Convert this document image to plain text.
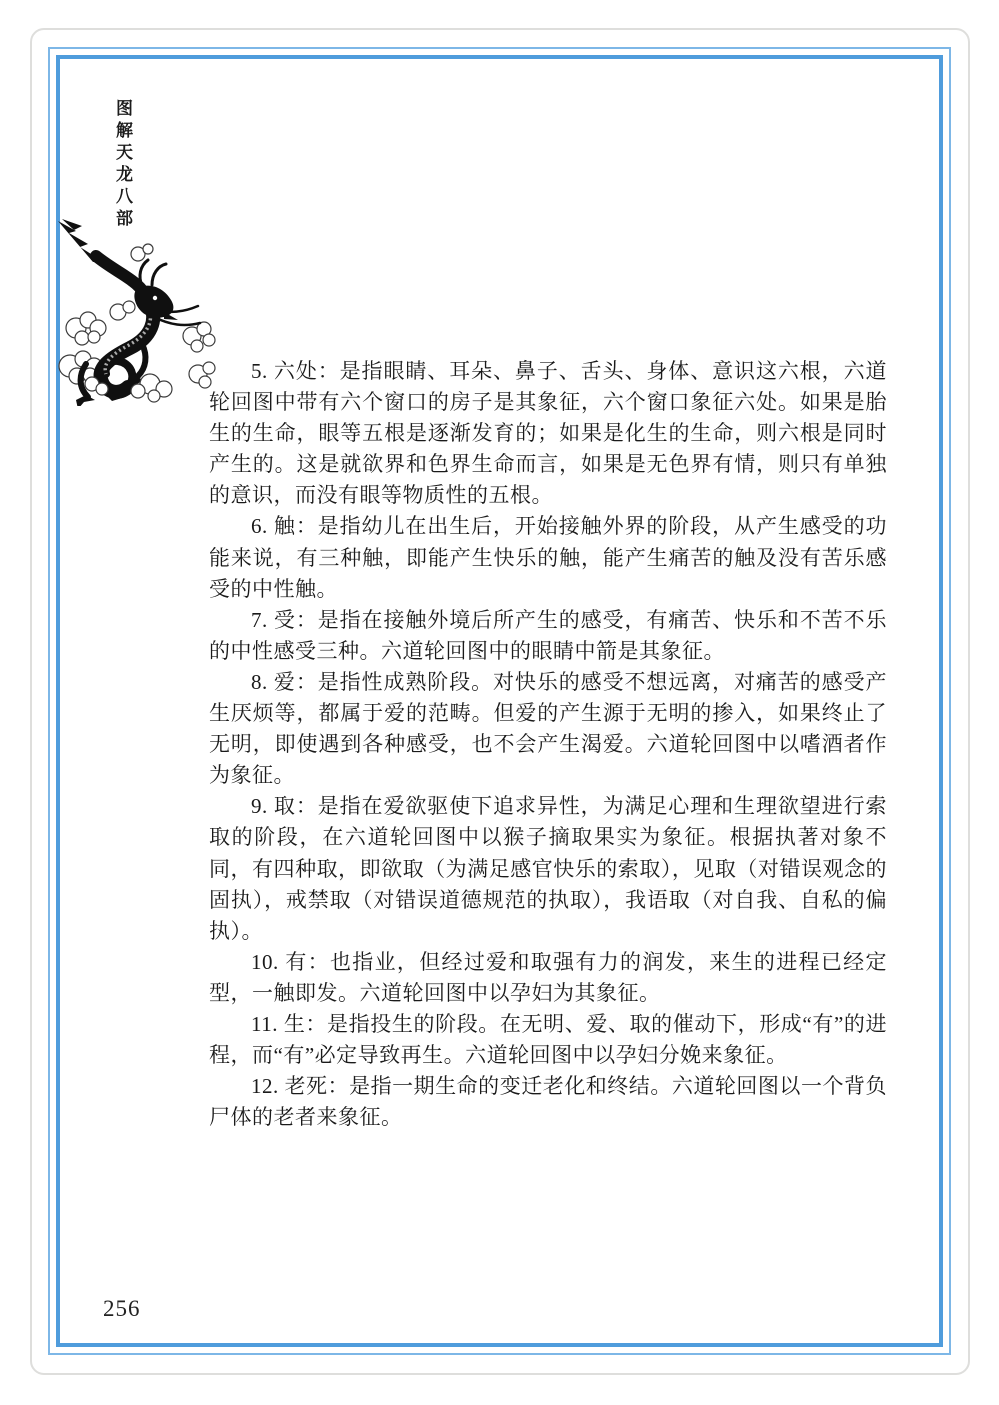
图
解
天
龙
八
部

5. 六处：是指眼睛、耳朵、鼻子、舌头、身体、意识这六根，六道轮回图中带有六个窗口的房子是其象征，六个窗口象征六处。如果是胎生的生命，眼等五根是逐渐发育的；如果是化生的生命，则六根是同时产生的。这是就欲界和色界生命而言，如果是无色界有情，则只有单独的意识，而没有眼等物质性的五根。

6. 触：是指幼儿在出生后，开始接触外界的阶段，从产生感受的功能来说，有三种触，即能产生快乐的触，能产生痛苦的触及没有苦乐感受的中性触。

7. 受：是指在接触外境后所产生的感受，有痛苦、快乐和不苦不乐的中性感受三种。六道轮回图中的眼睛中箭是其象征。

8. 爱：是指性成熟阶段。对快乐的感受不想远离，对痛苦的感受产生厌烦等，都属于爱的范畴。但爱的产生源于无明的掺入，如果终止了无明，即使遇到各种感受，也不会产生渴爱。六道轮回图中以嗜酒者作为象征。

9. 取：是指在爱欲驱使下追求异性，为满足心理和生理欲望进行索取的阶段，在六道轮回图中以猴子摘取果实为象征。根据执著对象不同，有四种取，即欲取（为满足感官快乐的索取），见取（对错误观念的固执），戒禁取（对错误道德规范的执取），我语取（对自我、自私的偏执）。

10. 有：也指业，但经过爱和取强有力的润发，来生的进程已经定型，一触即发。六道轮回图中以孕妇为其象征。

11. 生：是指投生的阶段。在无明、爱、取的催动下，形成“有”的进程，而“有”必定导致再生。六道轮回图中以孕妇分娩来象征。

12. 老死：是指一期生命的变迁老化和终结。六道轮回图以一个背负尸体的老者来象征。

256
